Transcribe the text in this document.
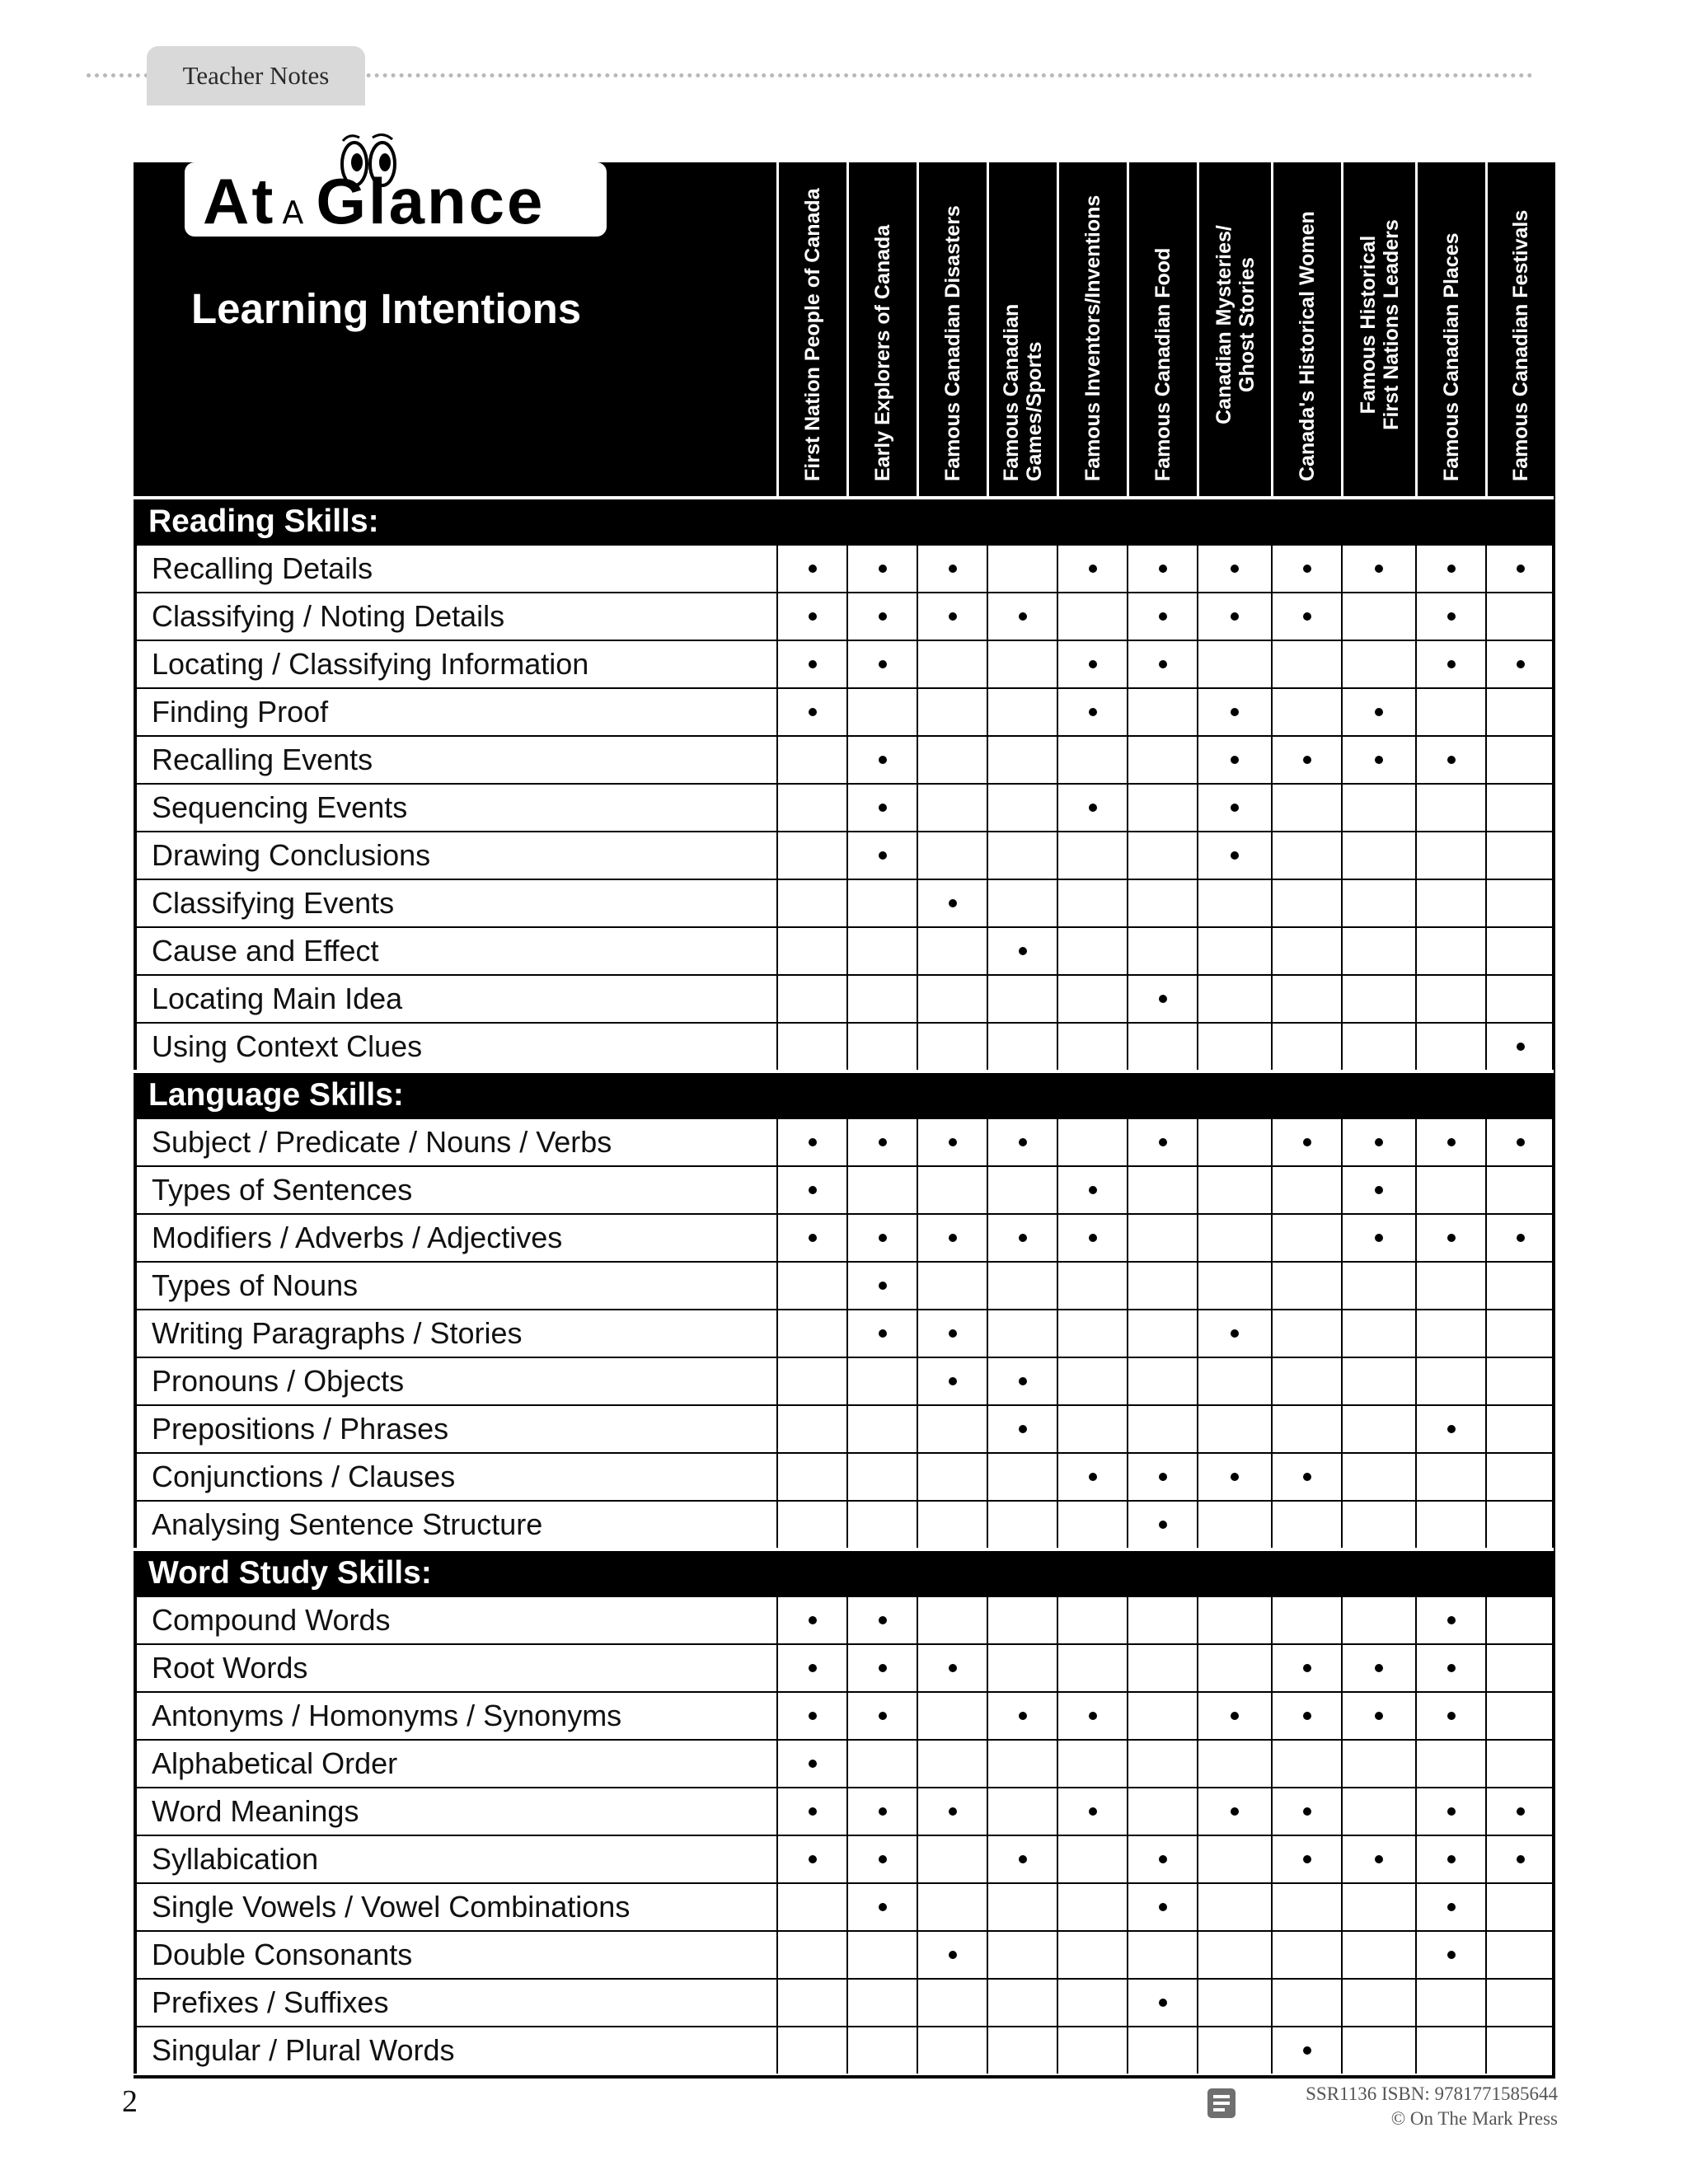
Teacher Notes
At A Glance
Learning Intentions	First Nation People of Canada Early Explorers of Canada Famous Canadian Disasters Famous Canadian Games/Sports Famous Inventors/Inventions Famous Canadian Food Canadian Mysteries/
Ghost Stories Canada's Historical Women Famous Historical
First Nations Leaders Famous Canadian Places Famous Canadian Festivals
Reading Skills:
Recalling Details
Classifying / Noting Details
Locating / Classifying Information
Finding Proof
Recalling Events
Sequencing Events
Drawing Conclusions
Classifying Events
Cause and Effect
Locating Main Idea
Using Context Clues
Language Skills:
Subject / Predicate / Nouns / Verbs
Types of Sentences
Modifiers / Adverbs / Adjectives
Types of Nouns
Writing Paragraphs / Stories
Pronouns / Objects
Prepositions / Phrases
Conjunctions / Clauses
Analysing Sentence Structure
Word Study Skills:
Compound Words
Root Words
Antonyms / Homonyms / Synonyms
Alphabetical Order
Word Meanings
Syllabication
Single Vowels / Vowel Combinations
Double Consonants
Prefixes / Suffixes
Singular / Plural Words
2	SSR1136 ISBN: 9781771585644
© On The Mark Press
